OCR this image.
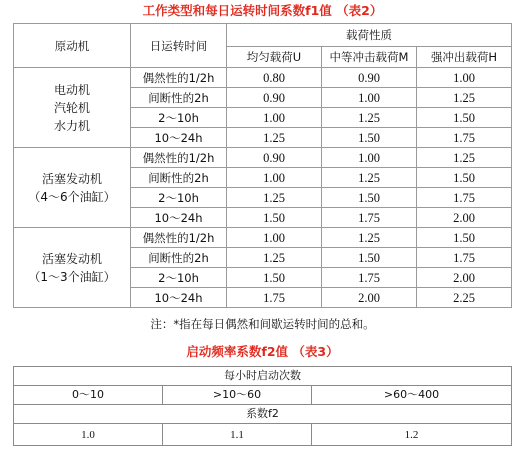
工作类型和每日运转时间系数f1值 （表2）
原动机	日运转时间	载荷性质		
		均匀载荷U	中等冲击载荷M	强冲出载荷H

电动机
汽轮机
水力机	偶然性的1/2h	0.80	0.90	1.00
	间断性的2h	0.90	1.00	1.25
	2～10h	1.00	1.25	1.50
	10～24h	1.25	1.50	1.75

活塞发动机
（4～6个油缸）	偶然性的1/2h	0.90	1.00	1.25
	间断性的2h	1.00	1.25	1.50
	2～10h	1.25	1.50	1.75
	10～24h	1.50	1.75	2.00

活塞发动机
（1～3个油缸）	偶然性的1/2h	1.00	1.25	1.50
	间断性的2h	1.25	1.50	1.75
	2～10h	1.50	1.75	2.00
	10～24h	1.75	2.00	2.25
注：*指在每日偶然和间歇运转时间的总和。
启动频率系数f2值 （表3）
每小时启动次数		
0～10	>10～60	>60～400
系数f2		
1.0	1.1	1.2
